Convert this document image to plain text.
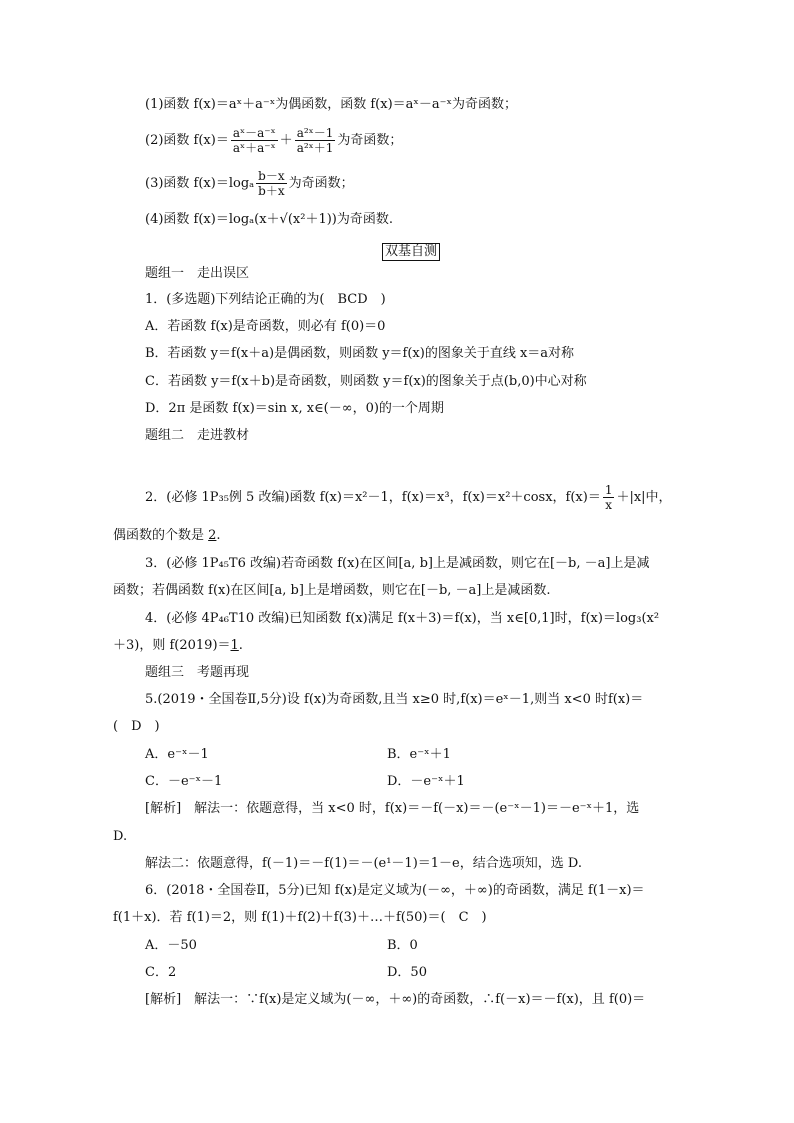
(1)函数 f(x)＝aˣ＋a⁻ˣ为偶函数，函数 f(x)＝aˣ－a⁻ˣ为奇函数；
(2)函数 $f(x)= \frac{\text{aˣ－a⁻ˣ}}{\text{aˣ＋a⁻ˣ}} + \frac{\text{a²ˣ－1}}{\text{a²ˣ＋1}}$ 为奇函数；
(3)函数 $f(x)=\log_a \frac{b-x}{b+x}$ 为奇函数；
(4)函数 f(x)＝logₐ(x＋√(x²＋1))为奇函数.
双基自测
题组一　走出误区
1．(多选题)下列结论正确的为(　BCD　)
A．若函数 f(x)是奇函数，则必有 f(0)＝0
B．若函数 y＝f(x＋a)是偶函数，则函数 y＝f(x)的图象关于直线 x＝a对称
C．若函数 y＝f(x＋b)是奇函数，则函数 y＝f(x)的图象关于点(b,0)中心对称
D．2π 是函数 f(x)＝sin x, x∈(－∞，0)的一个周期
题组二　走进教材
2．(必修 1P₃₅例 5 改编)函数 f(x)＝x²－1，f(x)＝x³，f(x)＝x²＋cosx，$f(x)= \frac{1}{x} +|x|$中，
偶函数的个数是 2.
3．(必修 1P₄₅T6 改编)若奇函数 f(x)在区间[a, b]上是减函数，则它在[－b, －a]上是减
函数；若偶函数 f(x)在区间[a, b]上是增函数，则它在[－b, －a]上是减函数.
4．(必修 4P₄₆T10 改编)已知函数 f(x)满足 f(x＋3)＝f(x)，当 x∈[0,1]时，f(x)＝log₃(x²
＋3)，则 f(2019)＝1.
题组三　考题再现
5.(2019・全国卷Ⅱ,5分)设 f(x)为奇函数,且当 x≥0 时,f(x)＝eˣ－1,则当 x<0 时f(x)＝
(　D　)
A．e⁻ˣ－1	B．e⁻ˣ＋1
C．－e⁻ˣ－1	D．－e⁻ˣ＋1
[解析]　解法一：依题意得，当 x<0 时，f(x)＝－f(－x)＝－(e⁻ˣ－1)＝－e⁻ˣ＋1，选
D.
解法二：依题意得，f(－1)＝－f(1)＝－(e¹－1)＝1－e，结合选项知，选 D.
6．(2018・全国卷Ⅱ，5分)已知 f(x)是定义域为(－∞，＋∞)的奇函数，满足 f(1－x)＝
f(1＋x)．若 f(1)＝2，则 f(1)＋f(2)＋f(3)＋…＋f(50)＝(　C　)
A．－50	B．0
C．2	D．50
[解析]　解法一：∵f(x)是定义域为(－∞，＋∞)的奇函数，∴f(－x)＝－f(x)，且 f(0)＝
